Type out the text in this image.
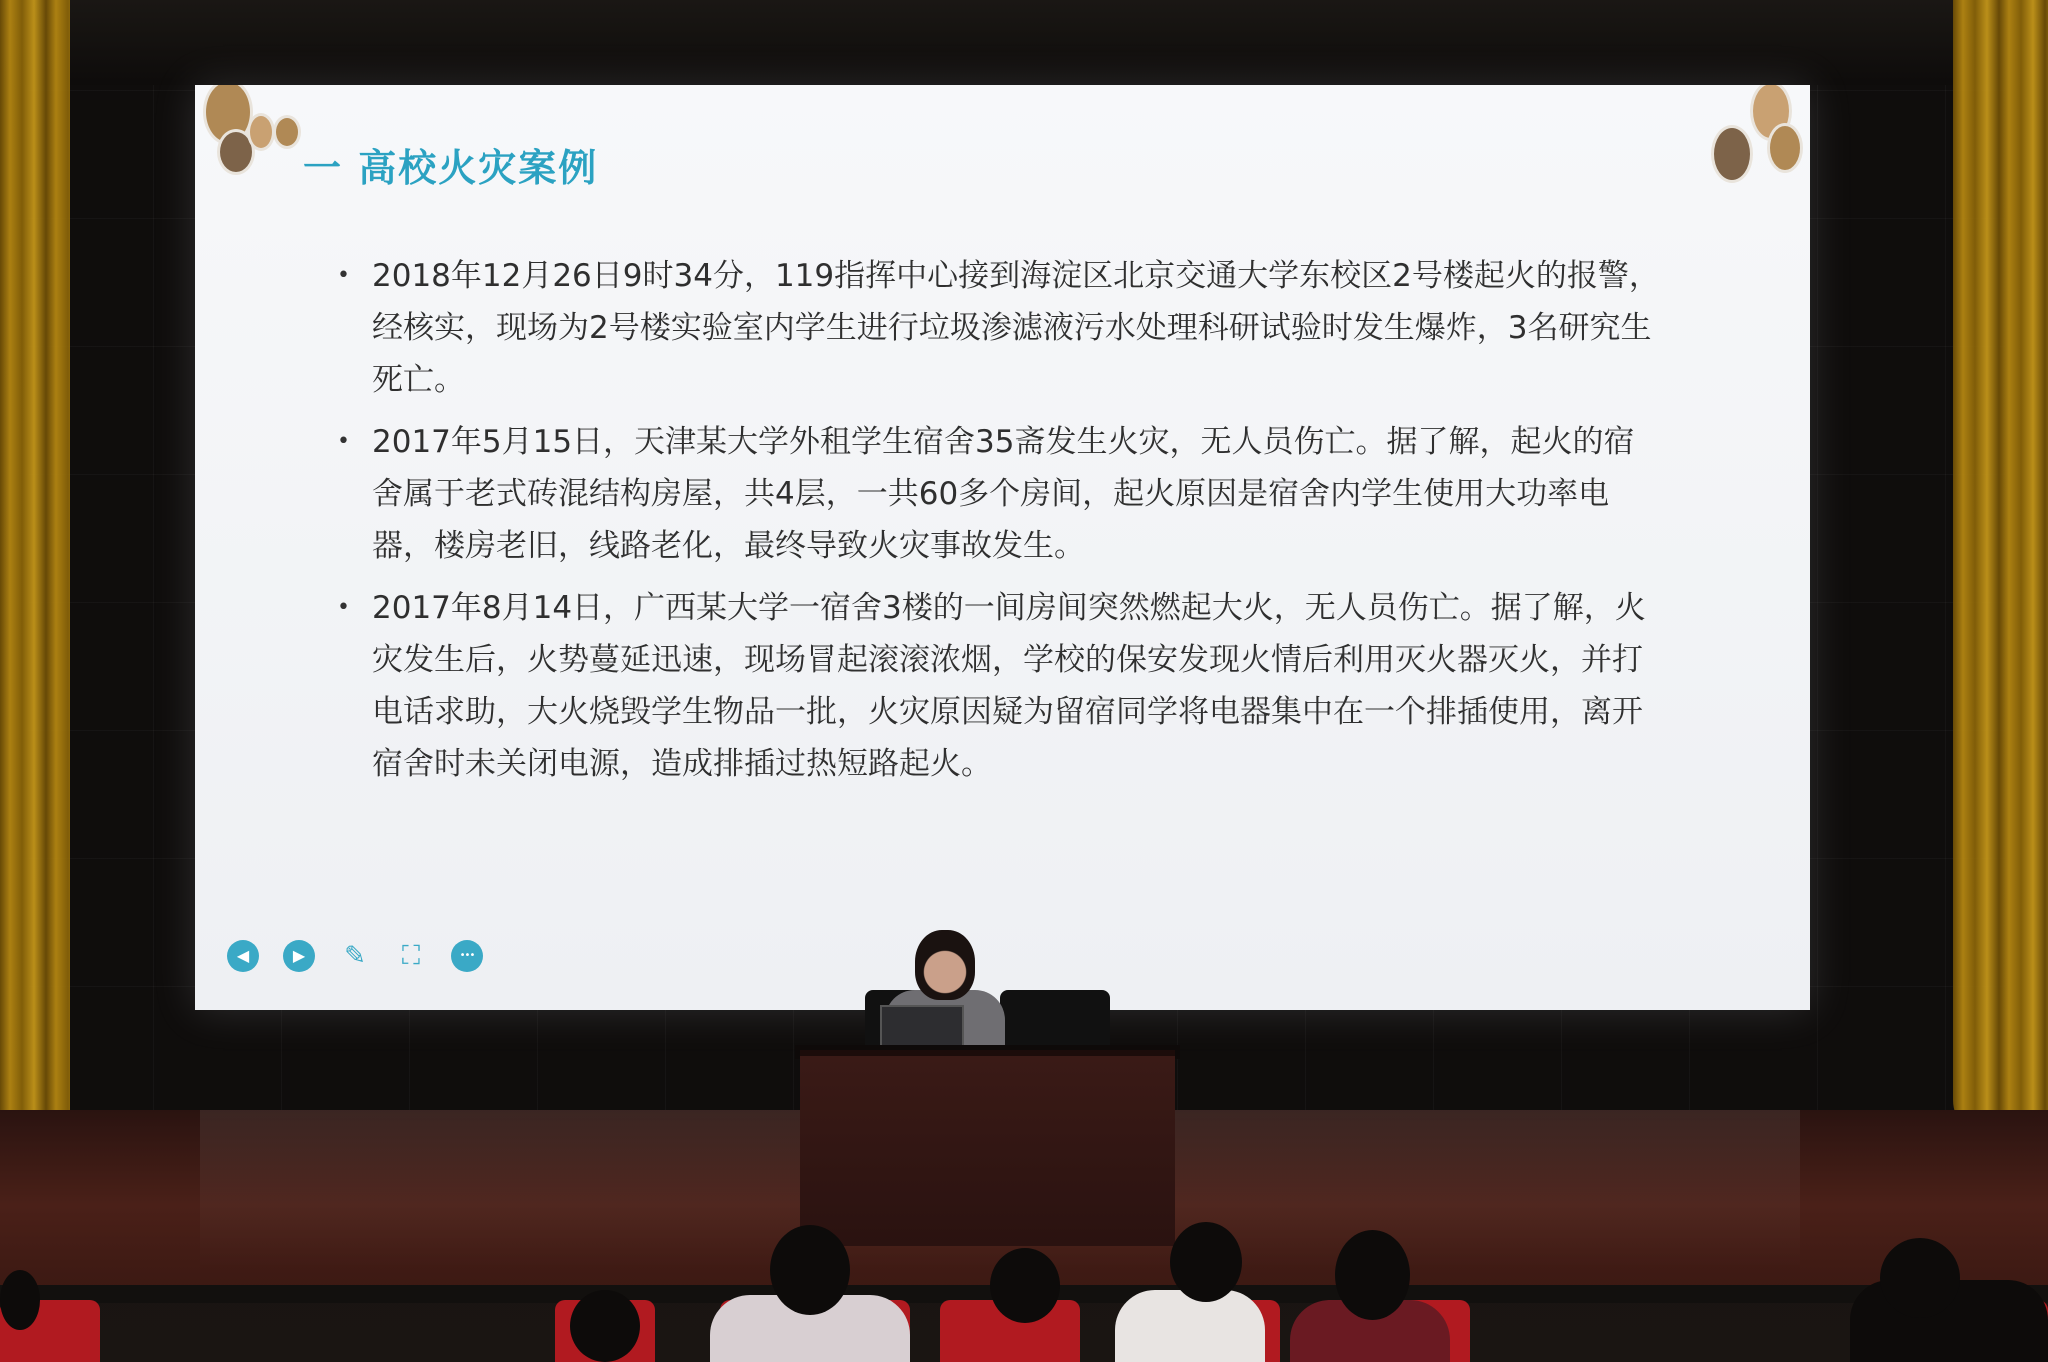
一 高校火灾案例
• 2018年12月26日9时34分，119指挥中心接到海淀区北京交通大学东校区2号楼起火的报警，经核实，现场为2号楼实验室内学生进行垃圾渗滤液污水处理科研试验时发生爆炸，3名研究生死亡。
• 2017年5月15日，天津某大学外租学生宿舍35斋发生火灾，无人员伤亡。据了解，起火的宿舍属于老式砖混结构房屋，共4层，一共60多个房间，起火原因是宿舍内学生使用大功率电器，楼房老旧，线路老化，最终导致火灾事故发生。
• 2017年8月14日，广西某大学一宿舍3楼的一间房间突然燃起大火，无人员伤亡。据了解，火灾发生后，火势蔓延迅速，现场冒起滚滚浓烟，学校的保安发现火情后利用灭火器灭火，并打电话求助，大火烧毁学生物品一批，火灾原因疑为留宿同学将电器集中在一个排插使用，离开宿舍时未关闭电源，造成排插过热短路起火。
◀	▶	✎ ⛶	•••
